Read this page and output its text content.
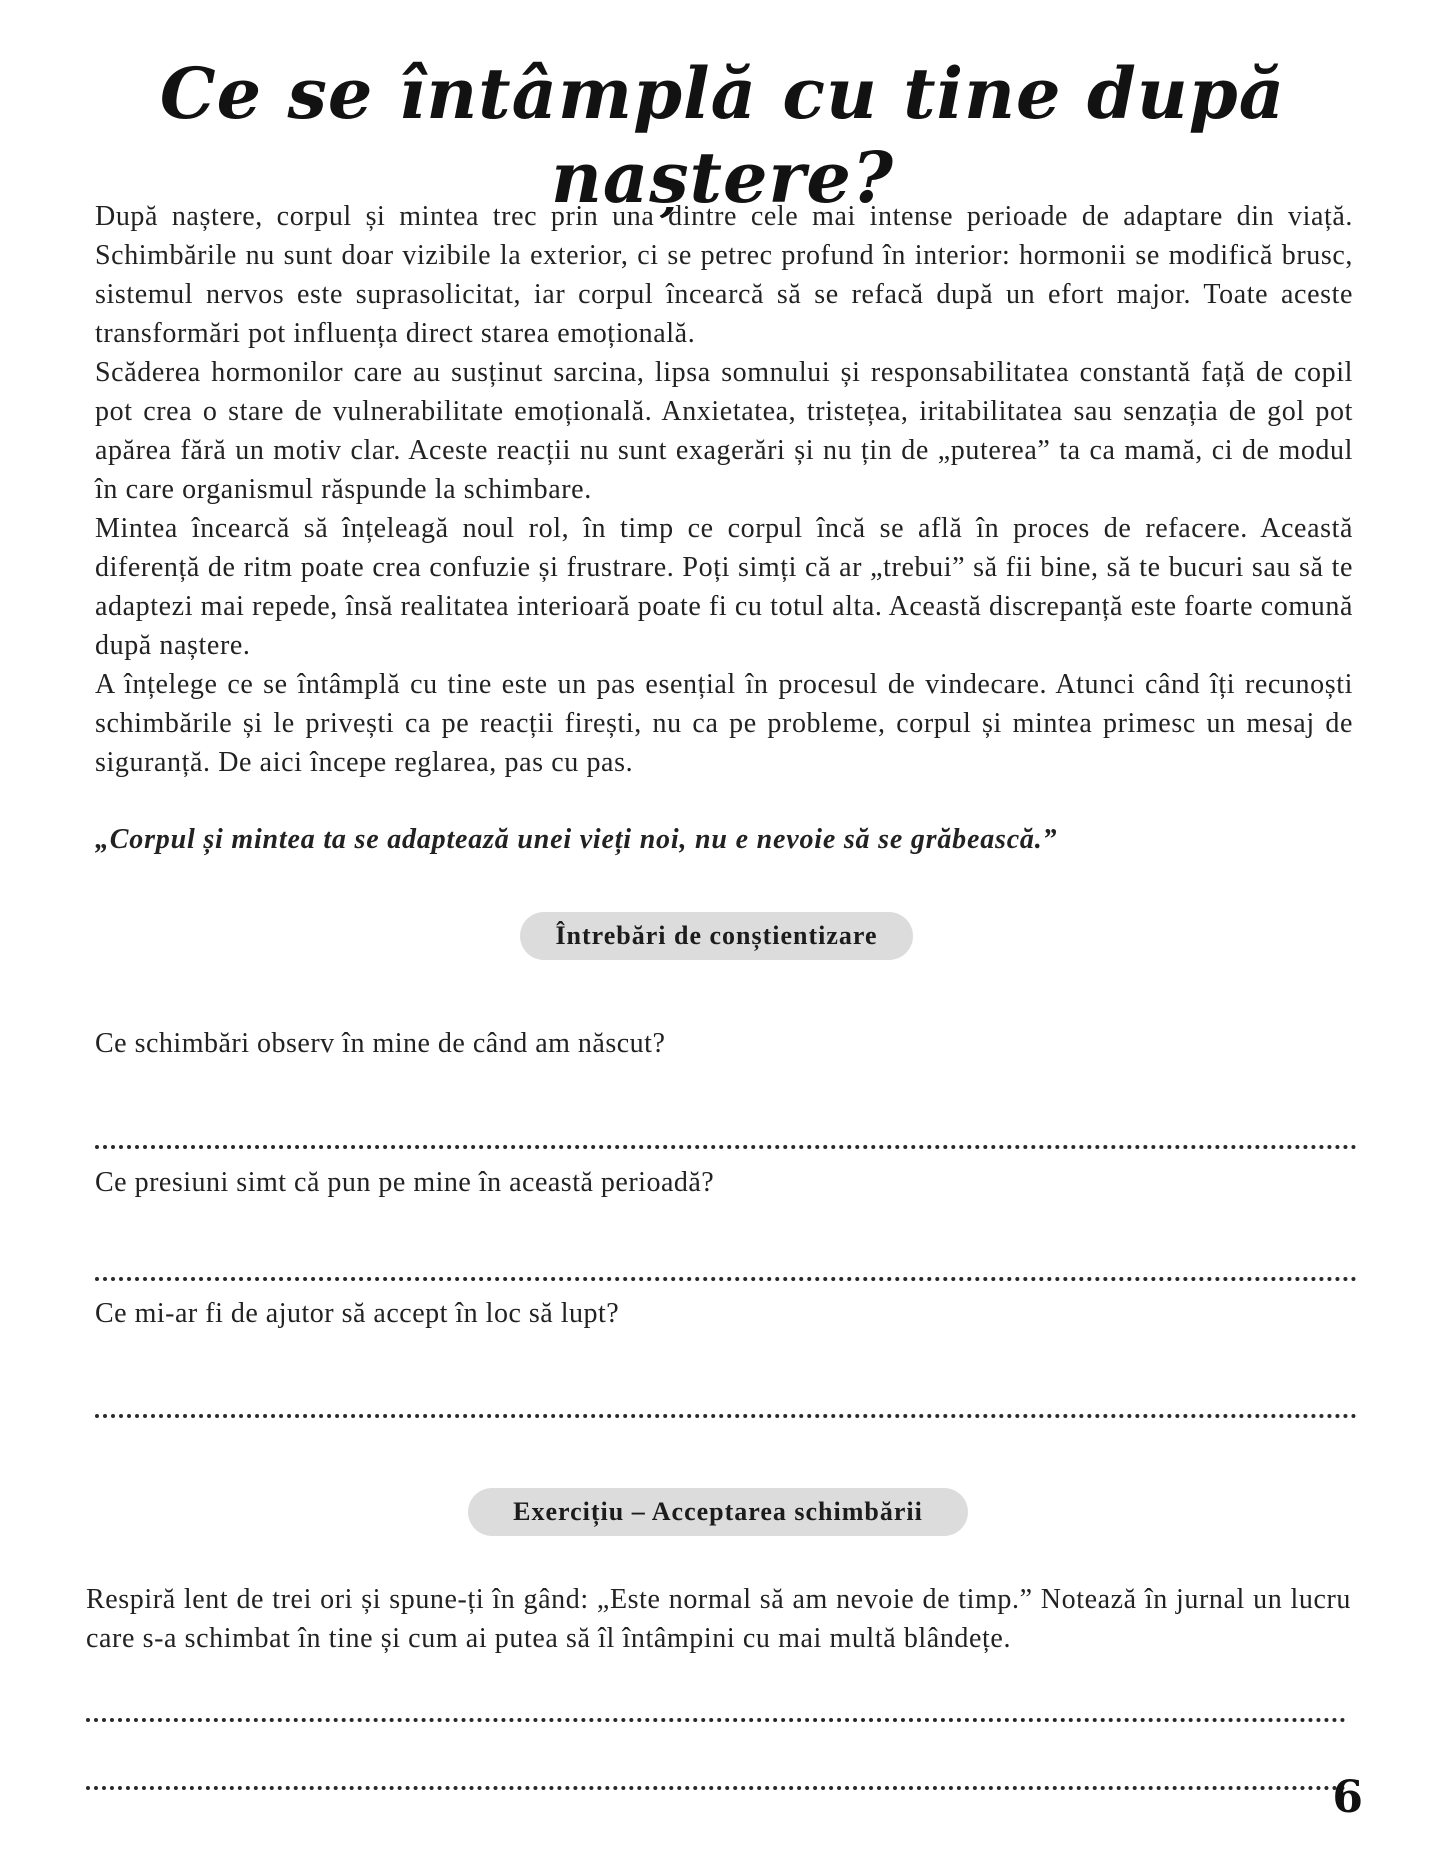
Ce se întâmplă cu tine după naștere?

După naștere, corpul și mintea trec prin una dintre cele mai intense perioade de adaptare din viață. Schimbările nu sunt doar vizibile la exterior, ci se petrec profund în interior: hormonii se modifică brusc, sistemul nervos este suprasolicitat, iar corpul încearcă să se refacă după un efort major. Toate aceste transformări pot influența direct starea emoțională.

Scăderea hormonilor care au susținut sarcina, lipsa somnului și responsabilitatea constantă față de copil pot crea o stare de vulnerabilitate emoțională. Anxietatea, tristețea, iritabilitatea sau senzația de gol pot apărea fără un motiv clar. Aceste reacții nu sunt exagerări și nu țin de „puterea” ta ca mamă, ci de modul în care organismul răspunde la schimbare.

Mintea încearcă să înțeleagă noul rol, în timp ce corpul încă se află în proces de refacere. Această diferență de ritm poate crea confuzie și frustrare. Poți simți că ar „trebui” să fii bine, să te bucuri sau să te adaptezi mai repede, însă realitatea interioară poate fi cu totul alta. Această discrepanță este foarte comună după naștere.

A înțelege ce se întâmplă cu tine este un pas esențial în procesul de vindecare. Atunci când îți recunoști schimbările și le privești ca pe reacții firești, nu ca pe probleme, corpul și mintea primesc un mesaj de siguranță. De aici începe reglarea, pas cu pas.

„Corpul și mintea ta se adaptează unei vieți noi, nu e nevoie să se grăbească.”

Întrebări de conștientizare

Ce schimbări observ în mine de când am născut?

Ce presiuni simt că pun pe mine în această perioadă?

Ce mi-ar fi de ajutor să accept în loc să lupt?

Exercițiu – Acceptarea schimbării

Respiră lent de trei ori și spune-ți în gând: „Este normal să am nevoie de timp.” Notează în jurnal un lucru care s-a schimbat în tine și cum ai putea să îl întâmpini cu mai multă blândețe.

6
